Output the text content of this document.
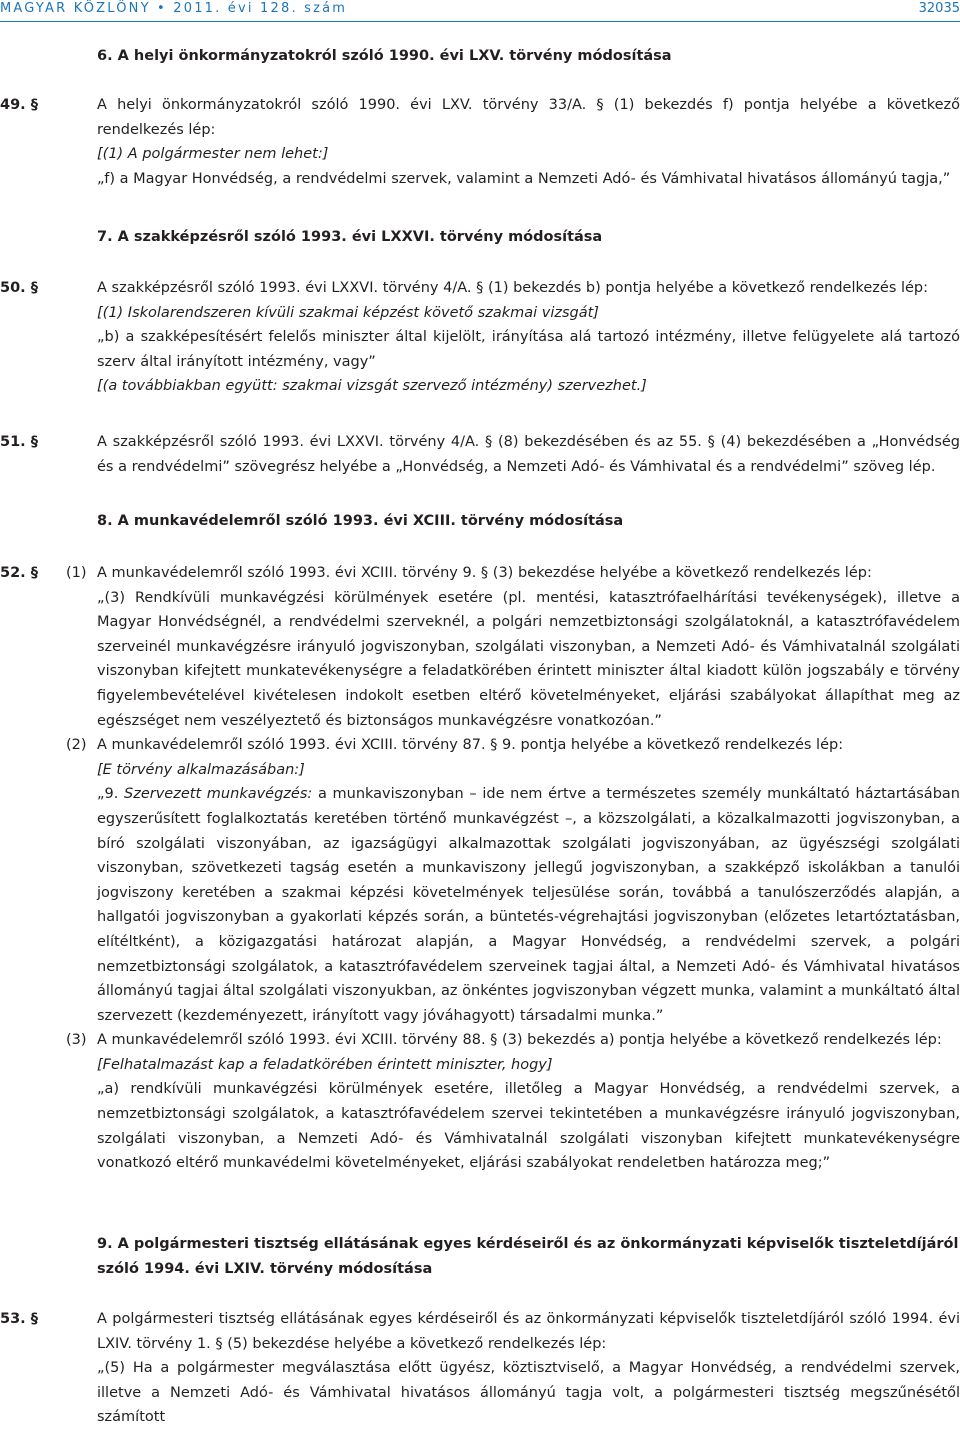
MAGYAR KÖZLÖNY • 2011. évi 128. szám	32035
6. A helyi önkormányzatokról szóló 1990. évi LXV. törvény módosítása
49. §	A helyi önkormányzatokról szóló 1990. évi LXV. törvény 33/A. § (1) bekezdés f) pontja helyébe a következő rendelkezés lép:

[(1) A polgármester nem lehet:]

„f) a Magyar Honvédség, a rendvédelmi szervek, valamint a Nemzeti Adó- és Vámhivatal hivatásos állományú tagja,”

7. A szakképzésről szóló 1993. évi LXXVI. törvény módosítása
50. §	A szakképzésről szóló 1993. évi LXXVI. törvény 4/A. § (1) bekezdés b) pontja helyébe a következő rendelkezés lép:

[(1) Iskolarendszeren kívüli szakmai képzést követő szakmai vizsgát]

„b) a szakképesítésért felelős miniszter által kijelölt, irányítása alá tartozó intézmény, illetve felügyelete alá tartozó szerv által irányított intézmény, vagy”

[(a továbbiakban együtt: szakmai vizsgát szervező intézmény) szervezhet.]

51. §	A szakképzésről szóló 1993. évi LXXVI. törvény 4/A. § (8) bekezdésében és az 55. § (4) bekezdésében a „Honvédség és a rendvédelmi” szövegrész helyébe a „Honvédség, a Nemzeti Adó- és Vámhivatal és a rendvédelmi” szöveg lép.

8. A munkavédelemről szóló 1993. évi XCIII. törvény módosítása
52. § (1) A munkavédelemről szóló 1993. évi XCIII. törvény 9. § (3) bekezdése helyébe a következő rendelkezés lép:

„(3) Rendkívüli munkavégzési körülmények esetére (pl. mentési, katasztrófaelhárítási tevékenységek), illetve a Magyar Honvédségnél, a rendvédelmi szerveknél, a polgári nemzetbiztonsági szolgálatoknál, a katasztrófavédelem szerveinél munkavégzésre irányuló jogviszonyban, szolgálati viszonyban, a Nemzeti Adó- és Vámhivatalnál szolgálati viszonyban kifejtett munkatevékenységre a feladatkörében érintett miniszter által kiadott külön jogszabály e törvény figyelembevételével kivételesen indokolt esetben eltérő követelményeket, eljárási szabályokat állapíthat meg az egészséget nem veszélyeztető és biztonságos munkavégzésre vonatkozóan.”

(2) A munkavédelemről szóló 1993. évi XCIII. törvény 87. § 9. pontja helyébe a következő rendelkezés lép:

[E törvény alkalmazásában:]

„9. Szervezett munkavégzés: a munkaviszonyban – ide nem értve a természetes személy munkáltató háztartásában egyszerűsített foglalkoztatás keretében történő munkavégzést –, a közszolgálati, a közalkalmazotti jogviszonyban, a bíró szolgálati viszonyában, az igazságügyi alkalmazottak szolgálati jogviszonyában, az ügyészségi szolgálati viszonyban, szövetkezeti tagság esetén a munkaviszony jellegű jogviszonyban, a szakképző iskolákban a tanulói jogviszony keretében a szakmai képzési követelmények teljesülése során, továbbá a tanulószerződés alapján, a hallgatói jogviszonyban a gyakorlati képzés során, a büntetés-végrehajtási jogviszonyban (előzetes letartóztatásban, elítéltként), a közigazgatási határozat alapján, a Magyar Honvédség, a rendvédelmi szervek, a polgári nemzetbiztonsági szolgálatok, a katasztrófavédelem szerveinek tagjai által, a Nemzeti Adó- és Vámhivatal hivatásos állományú tagjai által szolgálati viszonyukban, az önkéntes jogviszonyban végzett munka, valamint a munkáltató által szervezett (kezdeményezett, irányított vagy jóváhagyott) társadalmi munka.”

(3) A munkavédelemről szóló 1993. évi XCIII. törvény 88. § (3) bekezdés a) pontja helyébe a következő rendelkezés lép:

[Felhatalmazást kap a feladatkörében érintett miniszter, hogy]

„a) rendkívüli munkavégzési körülmények esetére, illetőleg a Magyar Honvédség, a rendvédelmi szervek, a nemzetbiztonsági szolgálatok, a katasztrófavédelem szervei tekintetében a munkavégzésre irányuló jogviszonyban, szolgálati viszonyban, a Nemzeti Adó- és Vámhivatalnál szolgálati viszonyban kifejtett munkatevékenységre vonatkozó eltérő munkavédelmi követelményeket, eljárási szabályokat rendeletben határozza meg;”

9. A polgármesteri tisztség ellátásának egyes kérdéseiről és az önkormányzati képviselők tiszteletdíjáról szóló 1994. évi LXIV. törvény módosítása
53. §	A polgármesteri tisztség ellátásának egyes kérdéseiről és az önkormányzati képviselők tiszteletdíjáról szóló 1994. évi LXIV. törvény 1. § (5) bekezdése helyébe a következő rendelkezés lép:

„(5) Ha a polgármester megválasztása előtt ügyész, köztisztviselő, a Magyar Honvédség, a rendvédelmi szervek, illetve a Nemzeti Adó- és Vámhivatal hivatásos állományú tagja volt, a polgármesteri tisztség megszűnésétől számított
